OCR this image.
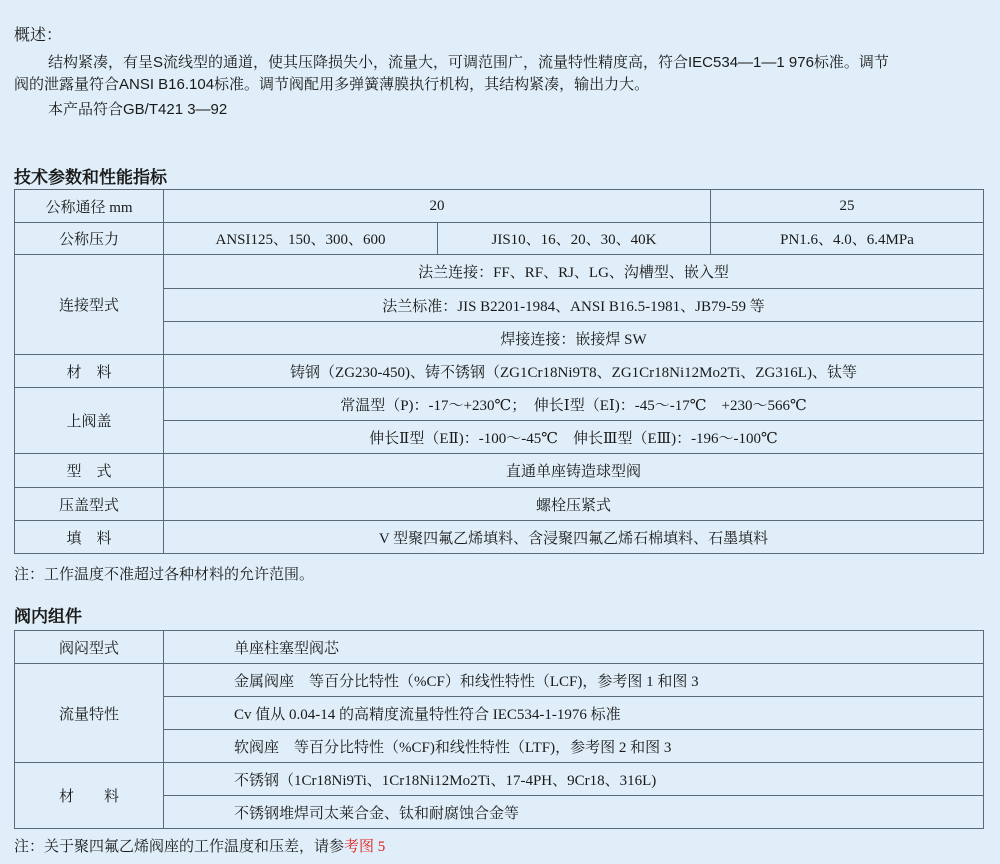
概述：
结构紧凑，有呈S流线型的通道，使其压降损失小，流量大，可调范围广，流量特性精度高，符合IEC534—1—1 976标准。调节
阀的泄露量符合ANSI B16.104标准。调节阀配用多弹簧薄膜执行机构，其结构紧凑，输出力大。
本产品符合GB/T421 3—92
技术参数和性能指标
公称通径 mm	20		25
公称压力	ANSI125、150、300、600	JIS10、16、20、30、40K	PN1.6、4.0、6.4MPa
连接型式	法兰连接：FF、RF、RJ、LG、沟槽型、嵌入型		
	法兰标准：JIS B2201-1984、ANSI B16.5-1981、JB79-59 等		
	焊接连接：嵌接焊 SW		
材　料	铸钢（ZG230-450)、铸不锈钢（ZG1Cr18Ni9T8、ZG1Cr18Ni12Mo2Ti、ZG316L)、钛等		
上阀盖	常温型（P)：-17～+230℃；　伸长Ⅰ型（EⅠ)：-45～-17℃　+230～566℃		
	伸长Ⅱ型（EⅡ)：-100～-45℃　伸长Ⅲ型（EⅢ)：-196～-100℃		
型　式	直通单座铸造球型阀		
压盖型式	螺栓压紧式		
填　料	V 型聚四氟乙烯填料、含浸聚四氟乙烯石棉填料、石墨填料		
注：工作温度不准超过各种材料的允许范围。
阀内组件
阀闷型式	单座柱塞型阀芯
流量特性	金属阀座　等百分比特性（%CF）和线性特性（LCF)，参考图 1 和图 3
	Cv 值从 0.04-14 的高精度流量特性符合 IEC534-1-1976 标准
	软阀座　等百分比特性（%CF)和线性特性（LTF)，参考图 2 和图 3
材　　料	不锈钢（1Cr18Ni9Ti、1Cr18Ni12Mo2Ti、17-4PH、9Cr18、316L)
	不锈钢堆焊司太莱合金、钛和耐腐蚀合金等
注：关于聚四氟乙烯阀座的工作温度和压差，请参考图 5
